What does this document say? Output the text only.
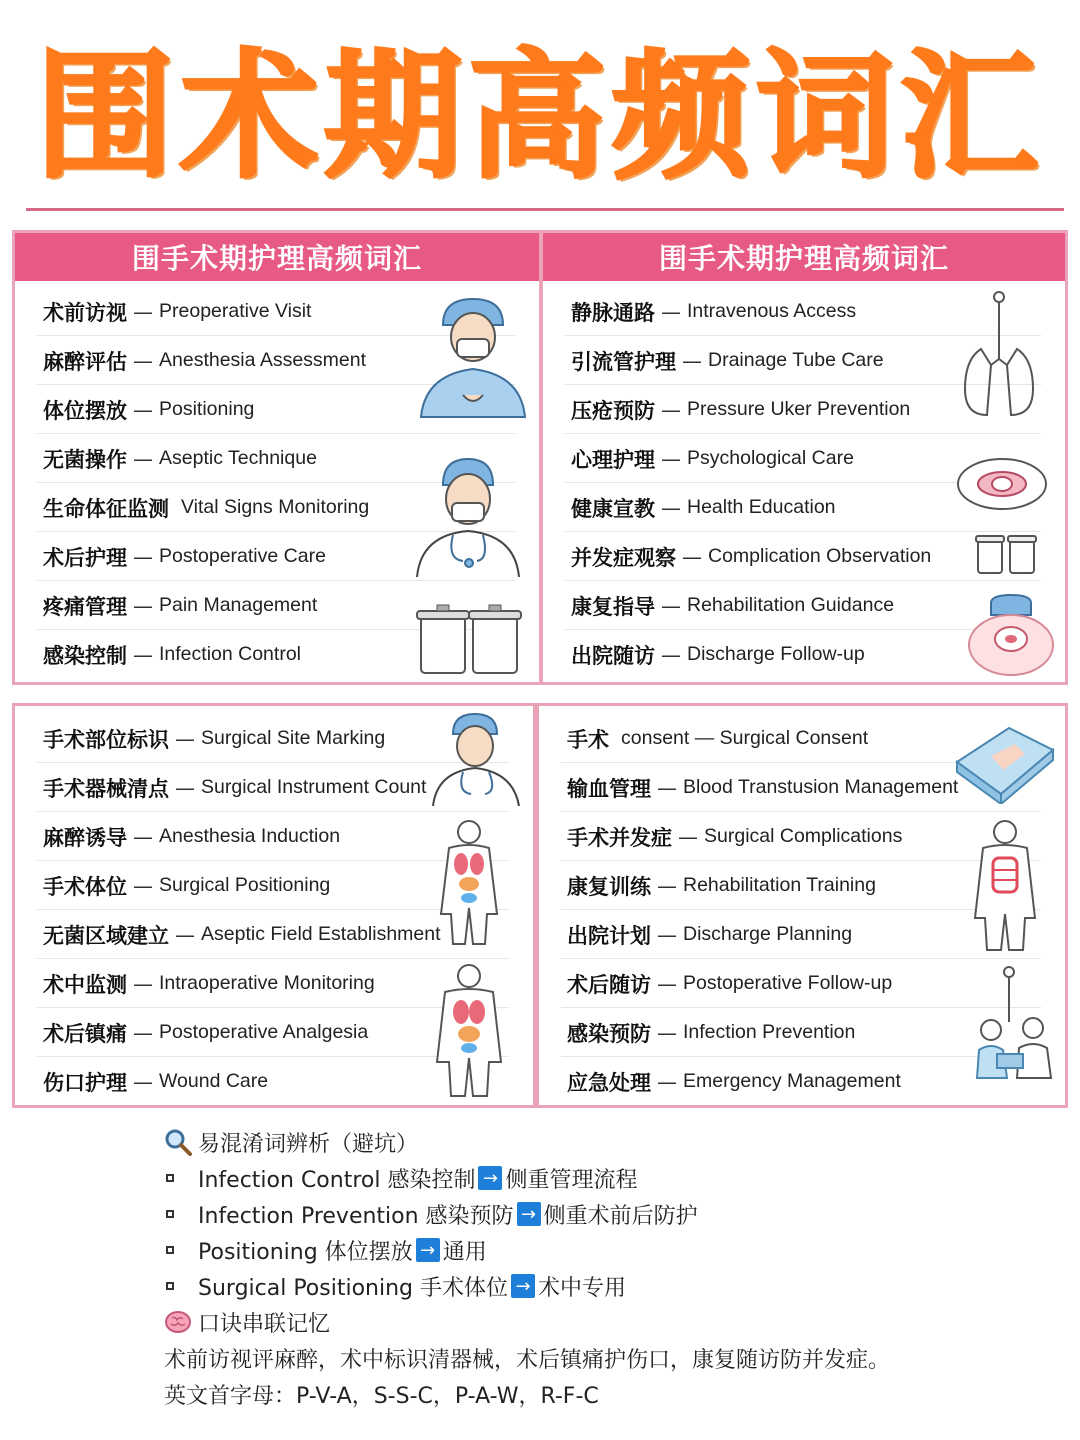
围术期高频词汇
围手术期护理高频词汇
术前访视 — Preoperative Visit
麻醉评估 — Anesthesia Assessment
体位摆放 — Positioning
无菌操作 — Aseptic Technique
生命体征监测 Vital Signs Monitoring
术后护理 — Postoperative Care
疼痛管理 — Pain Management
感染控制 — Infection Control
围手术期护理高频词汇
静脉通路 — Intravenous Access
引流管护理 — Drainage Tube Care
压疮预防 — Pressure Uker Prevention
心理护理 — Psychological Care
健康宣教 — Health Education
并发症观察 — Complication Observation
康复指导 — Rehabilitation Guidance
出院随访 — Discharge Follow-up
手术部位标识 — Surgical Site Marking
手术器械清点 — Surgical Instrument Count
麻醉诱导 — Anesthesia Induction
手术体位 — Surgical Positioning
无菌区域建立 — Aseptic Field Establishment
术中监测 — Intraoperative Monitoring
术后镇痛 — Postoperative Analgesia
伤口护理 — Wound Care
手术 consent — Surgical Consent
输血管理 — Blood Transtusion Management
手术并发症 — Surgical Complications
康复训练 — Rehabilitation Training
出院计划 — Discharge Planning
术后随访 — Postoperative Follow-up
感染预防 — Infection Prevention
应急处理 — Emergency Management
易混淆词辨析（避坑）
Infection Control 感染控制 → 侧重管理流程
Infection Prevention 感染预防 → 侧重术前后防护
Positioning 体位摆放 → 通用
Surgical Positioning 手术体位 → 术中专用
口诀串联记忆
术前访视评麻醉，术中标识清器械，术后镇痛护伤口，康复随访防并发症。
英文首字母：P-V-A，S-S-C，P-A-W，R-F-C
